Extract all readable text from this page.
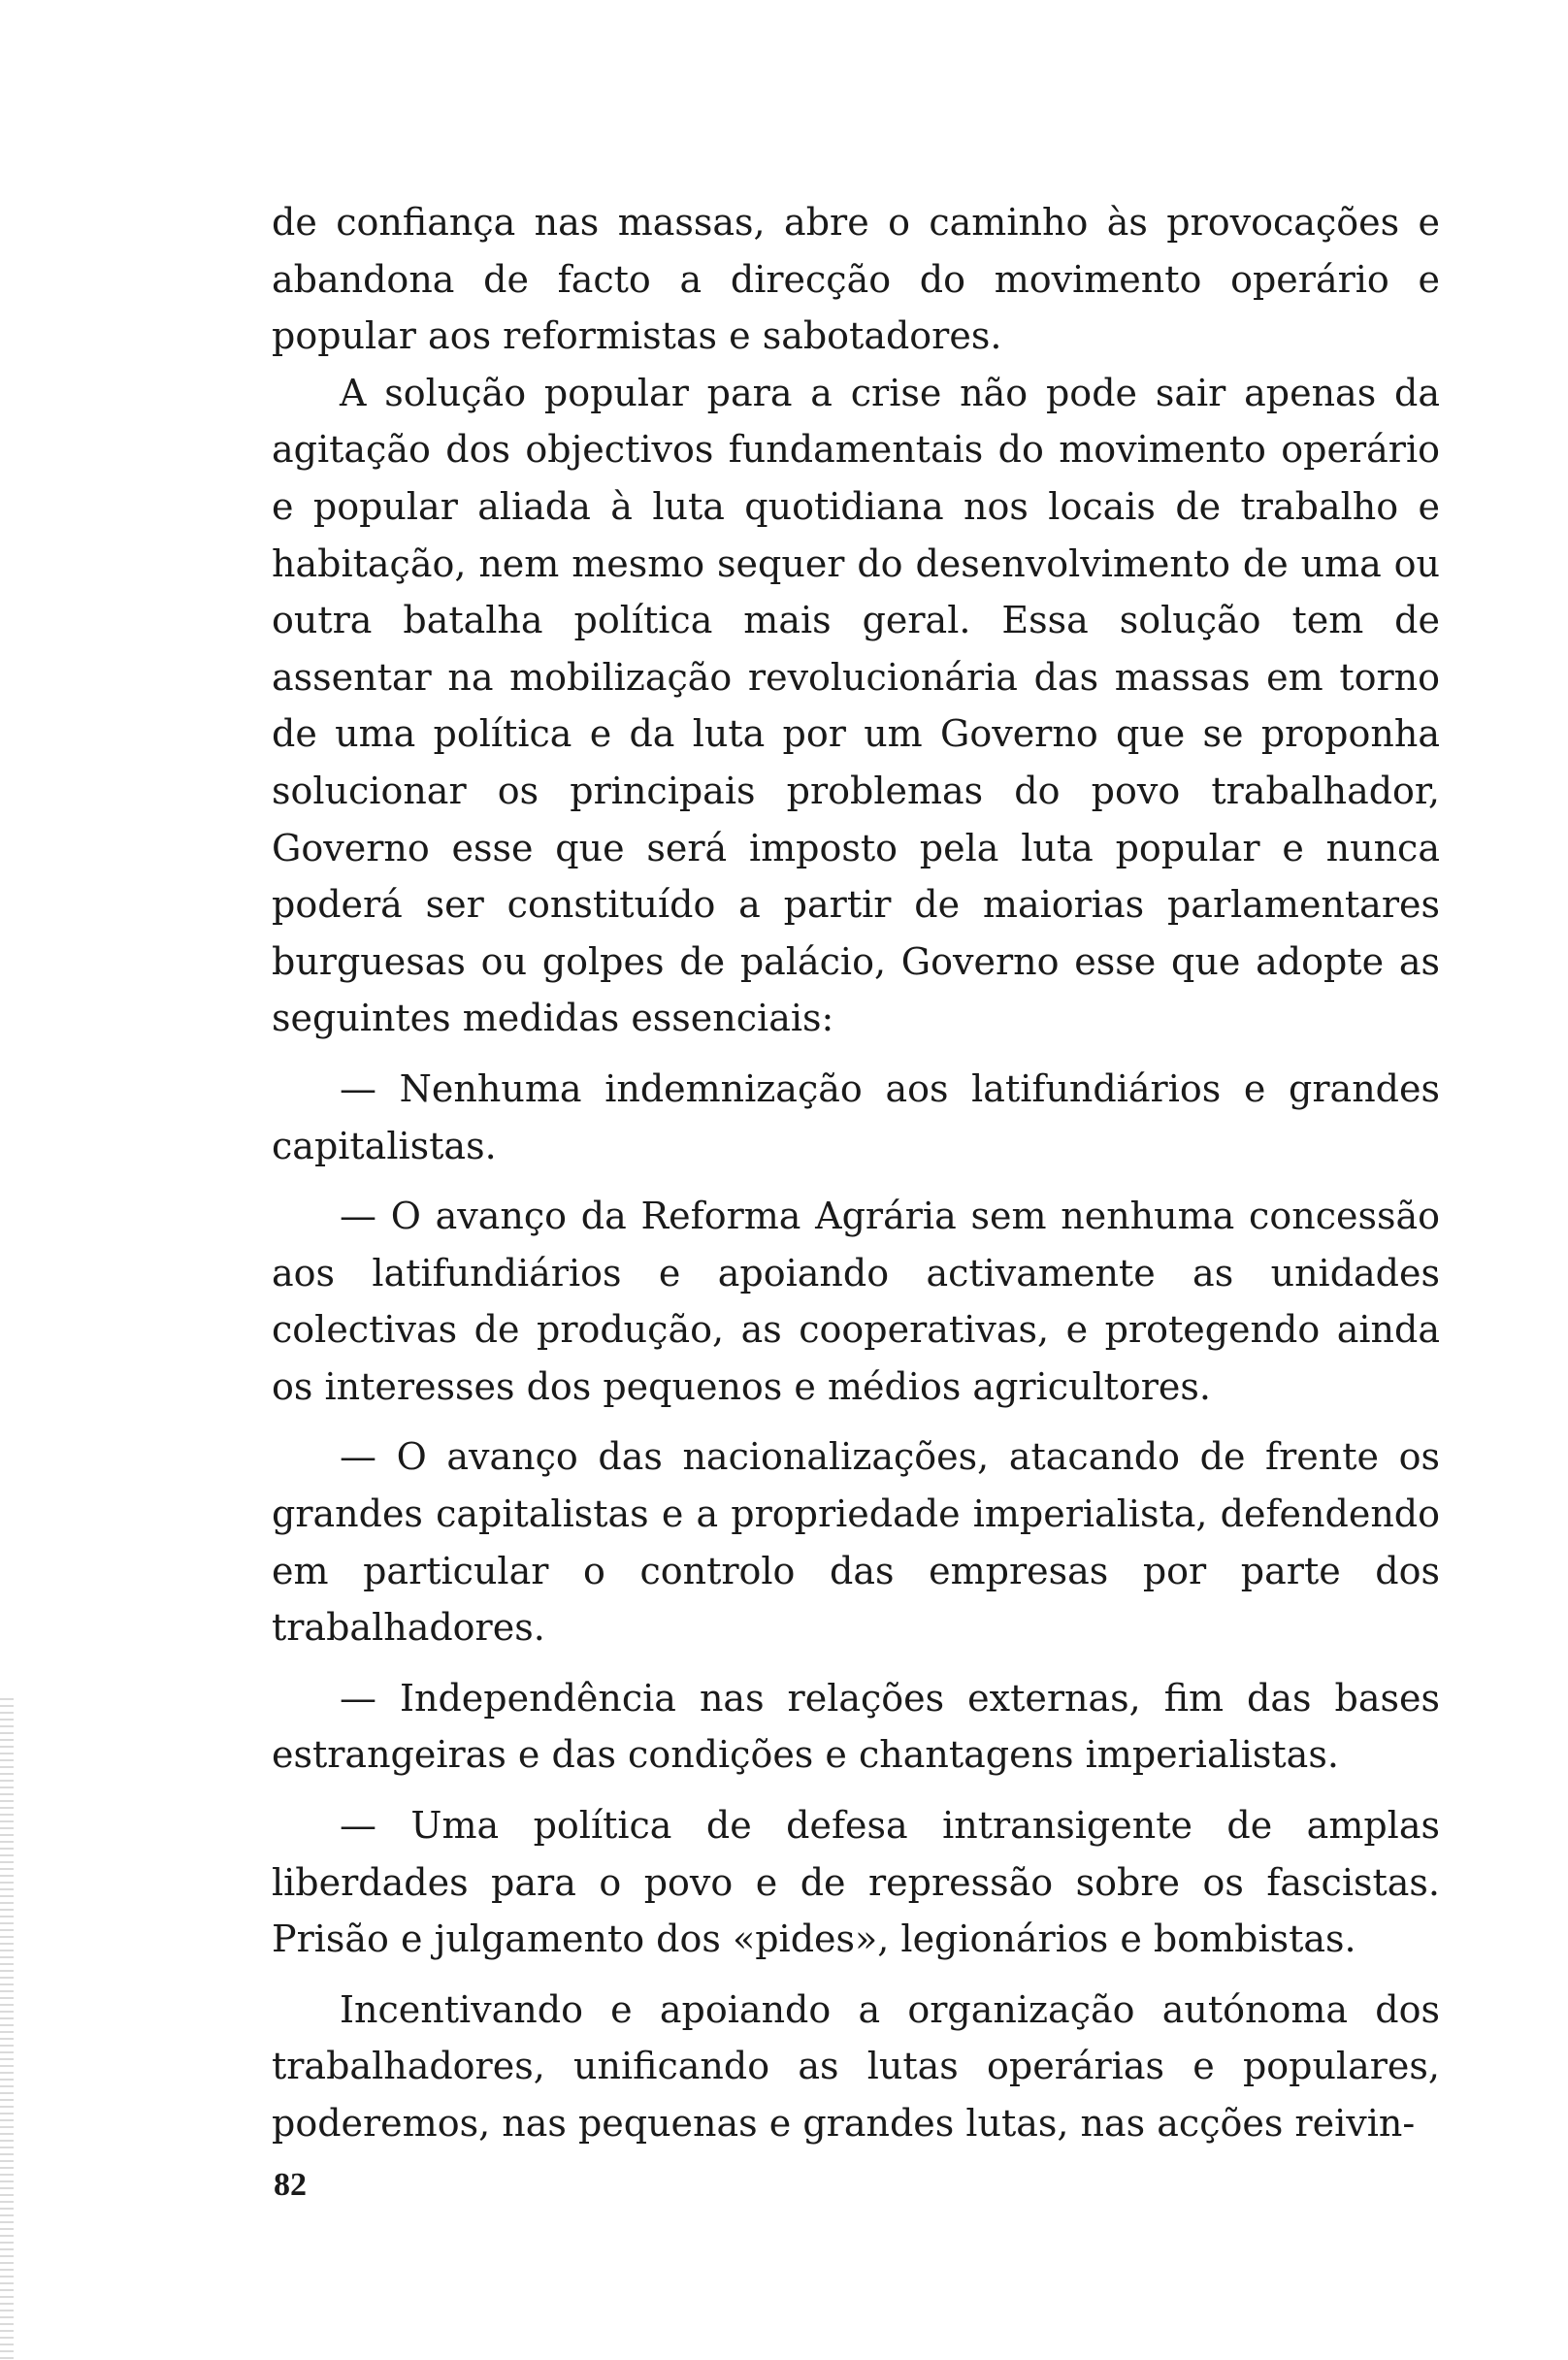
de confiança nas massas, abre o caminho às provocações e abandona de facto a direcção do movimento operário e popular aos reformistas e sabotadores.

A solução popular para a crise não pode sair apenas da agitação dos objectivos fundamentais do movimento operário e popular aliada à luta quotidiana nos locais de trabalho e habitação, nem mesmo sequer do desenvolvimento de uma ou outra batalha política mais geral. Essa solução tem de assentar na mobilização revolucionária das massas em torno de uma política e da luta por um Governo que se proponha solucionar os principais problemas do povo trabalhador, Governo esse que será imposto pela luta popular e nunca poderá ser constituído a partir de maiorias parlamentares burguesas ou golpes de palácio, Governo esse que adopte as seguintes medidas essenciais:

— Nenhuma indemnização aos latifundiários e grandes capitalistas.

— O avanço da Reforma Agrária sem nenhuma concessão aos latifundiários e apoiando activamente as unidades colectivas de produção, as cooperativas, e protegendo ainda os interesses dos pequenos e médios agricultores.

— O avanço das nacionalizações, atacando de frente os grandes capitalistas e a propriedade imperialista, defendendo em particular o controlo das empresas por parte dos trabalhadores.

— Independência nas relações externas, fim das bases estrangeiras e das condições e chantagens imperialistas.

— Uma política de defesa intransigente de amplas liberdades para o povo e de repressão sobre os fascistas. Prisão e julgamento dos «pides», legionários e bombistas.

Incentivando e apoiando a organização autónoma dos trabalhadores, unificando as lutas operárias e populares, poderemos, nas pequenas e grandes lutas, nas acções reivin-

82
